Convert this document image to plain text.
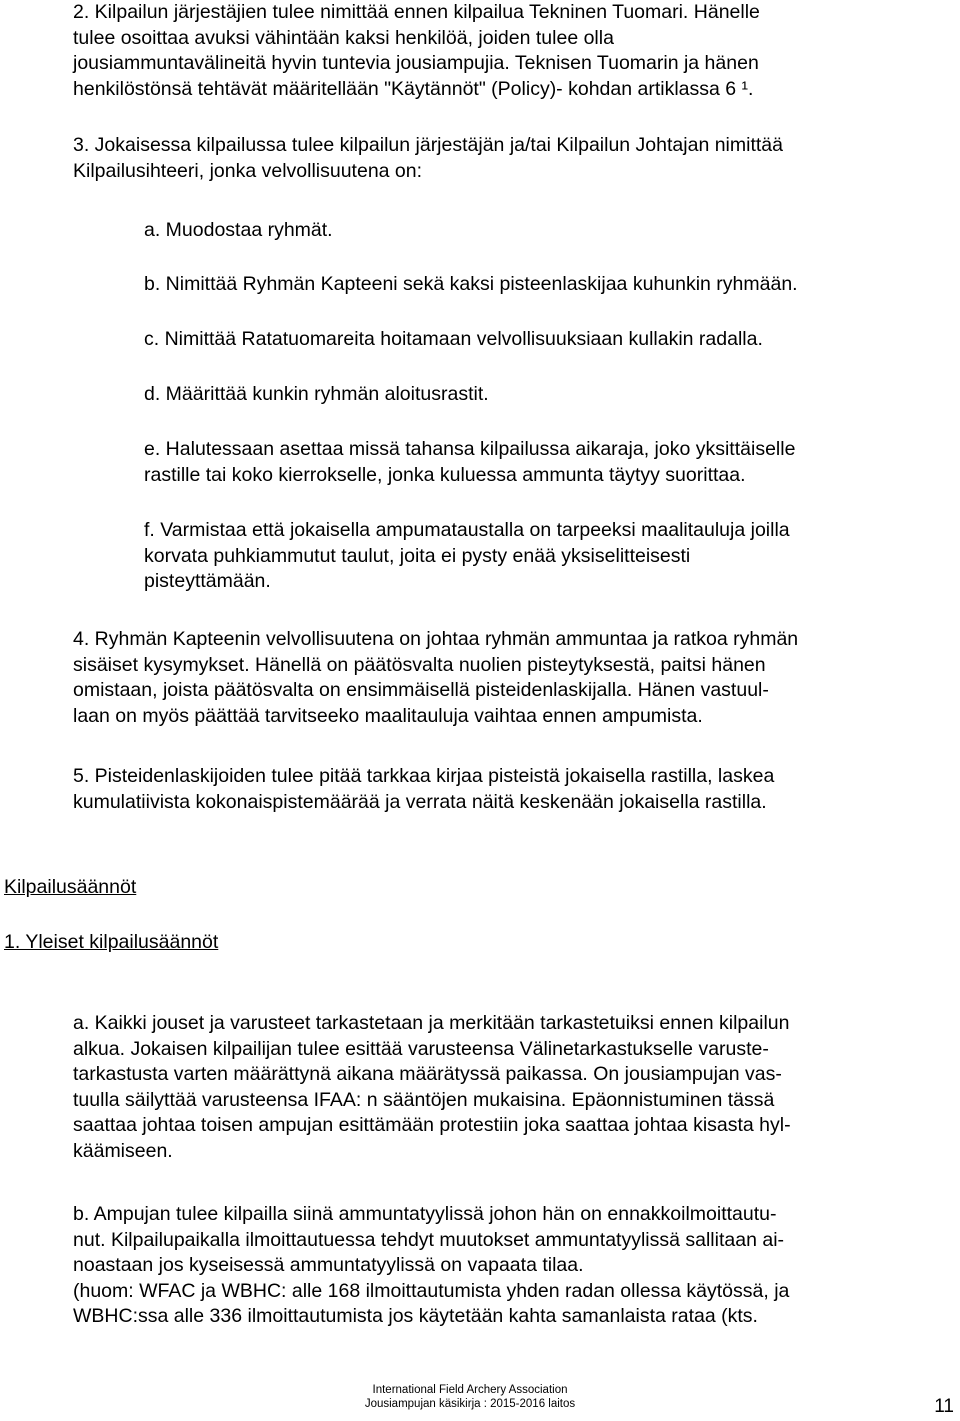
2. Kilpailun järjestäjien tulee nimittää ennen kilpailua Tekninen Tuomari. Hänelle
tulee osoittaa avuksi vähintään kaksi henkilöä, joiden tulee olla
jousiammuntavälineitä hyvin tuntevia jousiampujia. Teknisen Tuomarin ja hänen
henkilöstönsä tehtävät määritellään "Käytännöt" (Policy)- kohdan artiklassa 6 ¹.
3. Jokaisessa kilpailussa tulee kilpailun järjestäjän ja/tai Kilpailun Johtajan nimittää
Kilpailusihteeri, jonka velvollisuutena on:
a. Muodostaa ryhmät.
b. Nimittää Ryhmän Kapteeni sekä kaksi pisteenlaskijaa kuhunkin ryhmään.
c. Nimittää Ratatuomareita hoitamaan velvollisuuksiaan kullakin radalla.
d. Määrittää kunkin ryhmän aloitusrastit.
e. Halutessaan asettaa missä tahansa kilpailussa aikaraja, joko yksittäiselle
rastille tai koko kierrokselle, jonka kuluessa ammunta täytyy suorittaa.
f. Varmistaa että jokaisella ampumataustalla on tarpeeksi maalitauluja joilla
korvata puhkiammutut taulut, joita ei pysty enää yksiselitteisesti
pisteyttämään.
4. Ryhmän Kapteenin velvollisuutena on johtaa ryhmän ammuntaa ja ratkoa ryhmän
sisäiset kysymykset. Hänellä on päätösvalta nuolien pisteytyksestä, paitsi hänen
omistaan, joista päätösvalta on ensimmäisellä pisteidenlaskijalla. Hänen vastuul-
laan on myös päättää tarvitseeko maalitauluja vaihtaa ennen ampumista.
5. Pisteidenlaskijoiden tulee pitää tarkkaa kirjaa pisteistä jokaisella rastilla, laskea
kumulatiivista kokonaispistemäärää ja verrata näitä keskenään jokaisella rastilla.
Kilpailusäännöt
1. Yleiset kilpailusäännöt
a. Kaikki jouset ja varusteet tarkastetaan ja merkitään tarkastetuiksi ennen kilpailun
alkua. Jokaisen kilpailijan tulee esittää varusteensa Välinetarkastukselle varuste-
tarkastusta varten määrättynä aikana määrätyssä paikassa. On jousiampujan vas-
tuulla säilyttää varusteensa IFAA: n sääntöjen mukaisina. Epäonnistuminen tässä
saattaa johtaa toisen ampujan esittämään protestiin joka saattaa johtaa kisasta hyl-
käämiseen.
b. Ampujan tulee kilpailla siinä ammuntatyylissä johon hän on ennakkoilmoittautu-
nut. Kilpailupaikalla ilmoittautuessa tehdyt muutokset ammuntatyylissä sallitaan ai-
noastaan jos kyseisessä ammuntatyylissä on vapaata tilaa.
(huom: WFAC ja WBHC: alle 168 ilmoittautumista yhden radan ollessa käytössä, ja
WBHC:ssa alle 336 ilmoittautumista jos käytetään kahta samanlaista rataa (kts.
International Field Archery Association
Jousiampujan käsikirja : 2015-2016 laitos	11
